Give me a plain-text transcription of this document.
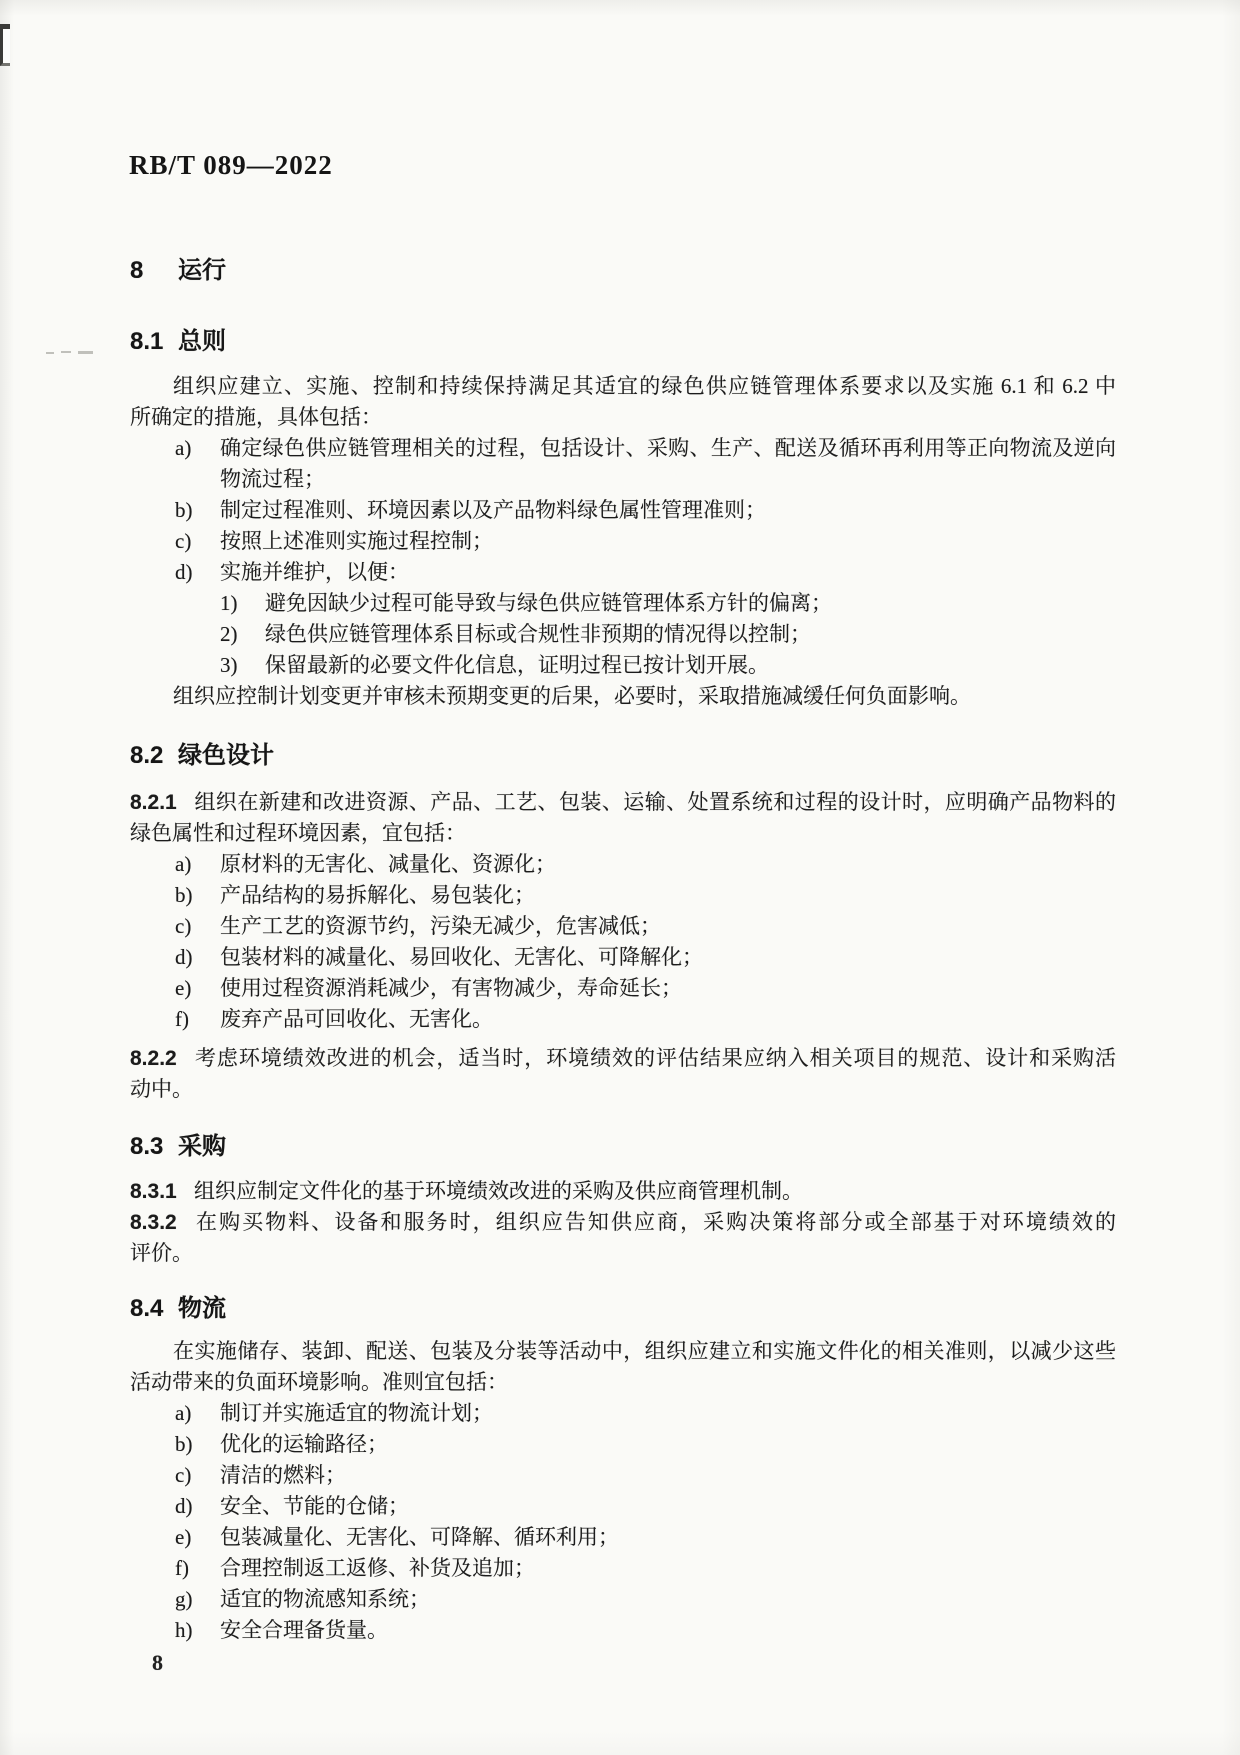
RB/T 089—2022
8 运行
8.1 总则

组织应建立、实施、控制和持续保持满足其适宜的绿色供应链管理体系要求以及实施 6.1 和 6.2 中
所确定的措施，具体包括：

a) 确定绿色供应链管理相关的过程，包括设计、采购、生产、配送及循环再利用等正向物流及逆向
物流过程；
b) 制定过程准则、环境因素以及产品物料绿色属性管理准则；
c) 按照上述准则实施过程控制；
d) 实施并维护，以便：
1) 避免因缺少过程可能导致与绿色供应链管理体系方针的偏离；
2) 绿色供应链管理体系目标或合规性非预期的情况得以控制；
3) 保留最新的必要文件化信息，证明过程已按计划开展。

组织应控制计划变更并审核未预期变更的后果，必要时，采取措施减缓任何负面影响。

8.2 绿色设计

8.2.1 组织在新建和改进资源、产品、工艺、包装、运输、处置系统和过程的设计时，应明确产品物料的
绿色属性和过程环境因素，宜包括：

a) 原材料的无害化、减量化、资源化；
b) 产品结构的易拆解化、易包装化；
c) 生产工艺的资源节约，污染无减少，危害减低；
d) 包装材料的减量化、易回收化、无害化、可降解化；
e) 使用过程资源消耗减少，有害物减少，寿命延长；
f) 废弃产品可回收化、无害化。

8.2.2 考虑环境绩效改进的机会，适当时，环境绩效的评估结果应纳入相关项目的规范、设计和采购活
动中。

8.3 采购

8.3.1 组织应制定文件化的基于环境绩效改进的采购及供应商管理机制。

8.3.2 在购买物料、设备和服务时，组织应告知供应商，采购决策将部分或全部基于对环境绩效的
评价。

8.4 物流

在实施储存、装卸、配送、包装及分装等活动中，组织应建立和实施文件化的相关准则，以减少这些
活动带来的负面环境影响。准则宜包括：

a) 制订并实施适宜的物流计划；
b) 优化的运输路径；
c) 清洁的燃料；
d) 安全、节能的仓储；
e) 包装减量化、无害化、可降解、循环利用；
f) 合理控制返工返修、补货及追加；
g) 适宜的物流感知系统；
h) 安全合理备货量。
8
